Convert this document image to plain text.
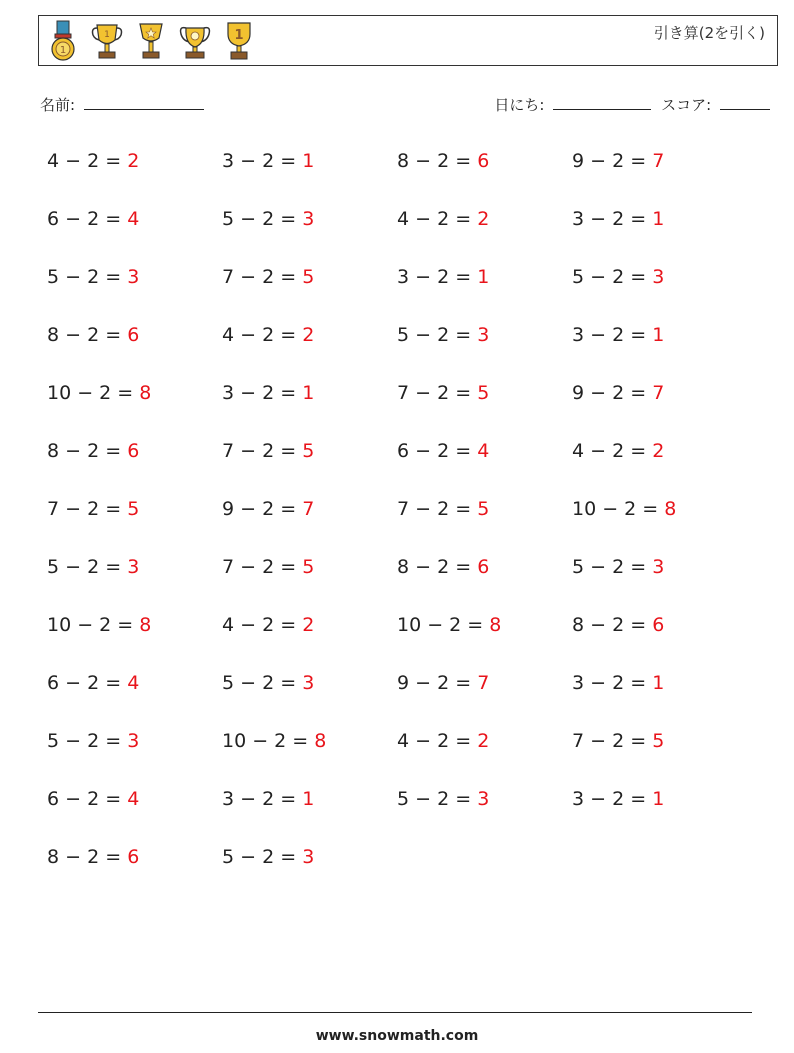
1
1	1	引き算(2を引く)
名前:	日にち:	スコア:
4 − 2 = 2	3 − 2 = 1	8 − 2 = 6	9 − 2 = 7
6 − 2 = 4	5 − 2 = 3	4 − 2 = 2	3 − 2 = 1
5 − 2 = 3	7 − 2 = 5	3 − 2 = 1	5 − 2 = 3
8 − 2 = 6	4 − 2 = 2	5 − 2 = 3	3 − 2 = 1
10 − 2 = 8	3 − 2 = 1	7 − 2 = 5	9 − 2 = 7
8 − 2 = 6	7 − 2 = 5	6 − 2 = 4	4 − 2 = 2
7 − 2 = 5	9 − 2 = 7	7 − 2 = 5	10 − 2 = 8
5 − 2 = 3	7 − 2 = 5	8 − 2 = 6	5 − 2 = 3
10 − 2 = 8	4 − 2 = 2	10 − 2 = 8	8 − 2 = 6
6 − 2 = 4	5 − 2 = 3	9 − 2 = 7	3 − 2 = 1
5 − 2 = 3	10 − 2 = 8	4 − 2 = 2	7 − 2 = 5
6 − 2 = 4	3 − 2 = 1	5 − 2 = 3	3 − 2 = 1
8 − 2 = 6	5 − 2 = 3
www.snowmath.com
